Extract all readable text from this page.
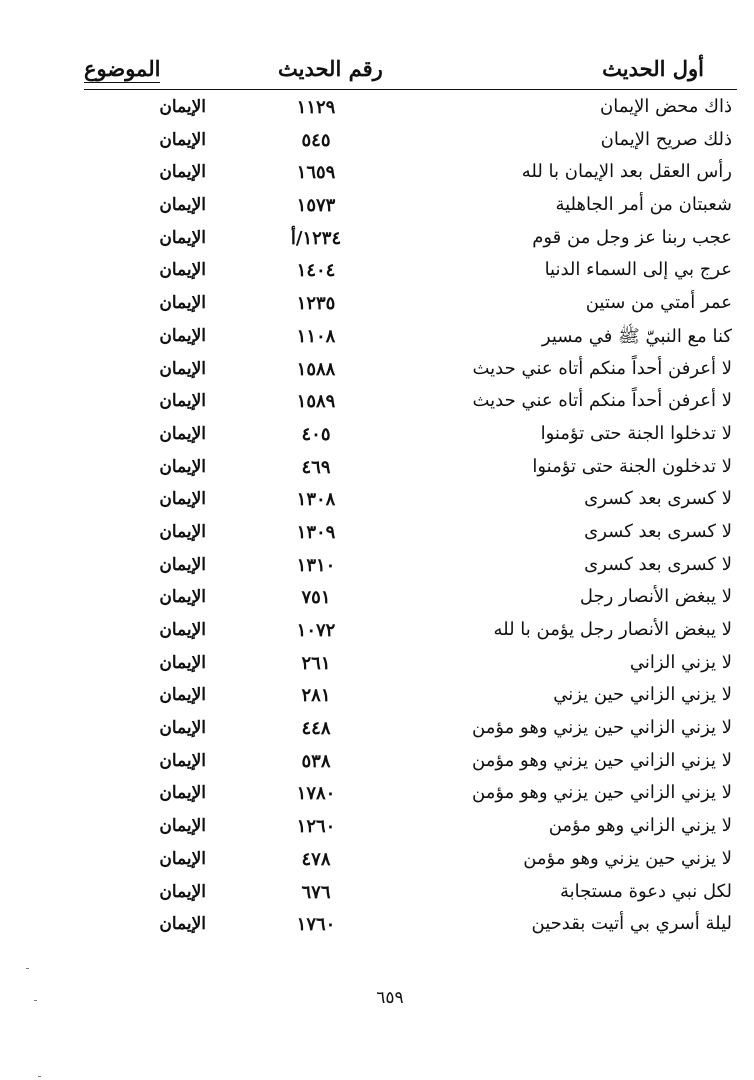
أول الحديث
رقم الحديث
الموضوع
ذاك محض الإيمان
١١٢٩
الإيمان
ذلك صريح الإيمان
٥٤٥
الإيمان
رأس العقل بعد الإيمان با لله
١٦٥٩
الإيمان
شعبتان من أمر الجاهلية
١٥٧٣
الإيمان
عجب ربنا عز وجل من قوم
١٢٣٤/أ
الإيمان
عرج بي إلى السماء الدنيا
١٤٠٤
الإيمان
عمر أمتي من ستين
١٢٣٥
الإيمان
كنا مع النبيّ ﷺ في مسير
١١٠٨
الإيمان
لا أعرفن أحداً منكم أتاه عني حديث
١٥٨٨
الإيمان
لا أعرفن أحداً منكم أتاه عني حديث
١٥٨٩
الإيمان
لا تدخلوا الجنة حتى تؤمنوا
٤٠٥
الإيمان
لا تدخلون الجنة حتى تؤمنوا
٤٦٩
الإيمان
لا كسرى بعد كسرى
١٣٠٨
الإيمان
لا كسرى بعد كسرى
١٣٠٩
الإيمان
لا كسرى بعد كسرى
١٣١٠
الإيمان
لا يبغض الأنصار رجل
٧٥١
الإيمان
لا يبغض الأنصار رجل يؤمن با لله
١٠٧٢
الإيمان
لا يزني الزاني
٢٦١
الإيمان
لا يزني الزاني حين يزني
٢٨١
الإيمان
لا يزني الزاني حين يزني وهو مؤمن
٤٤٨
الإيمان
لا يزني الزاني حين يزني وهو مؤمن
٥٣٨
الإيمان
لا يزني الزاني حين يزني وهو مؤمن
١٧٨٠
الإيمان
لا يزني الزاني وهو مؤمن
١٢٦٠
الإيمان
لا يزني حين يزني وهو مؤمن
٤٧٨
الإيمان
لكل نبي دعوة مستجابة
٦٧٦
الإيمان
ليلة أسري بي أتيت بقدحين
١٧٦٠
الإيمان
٦٥٩
